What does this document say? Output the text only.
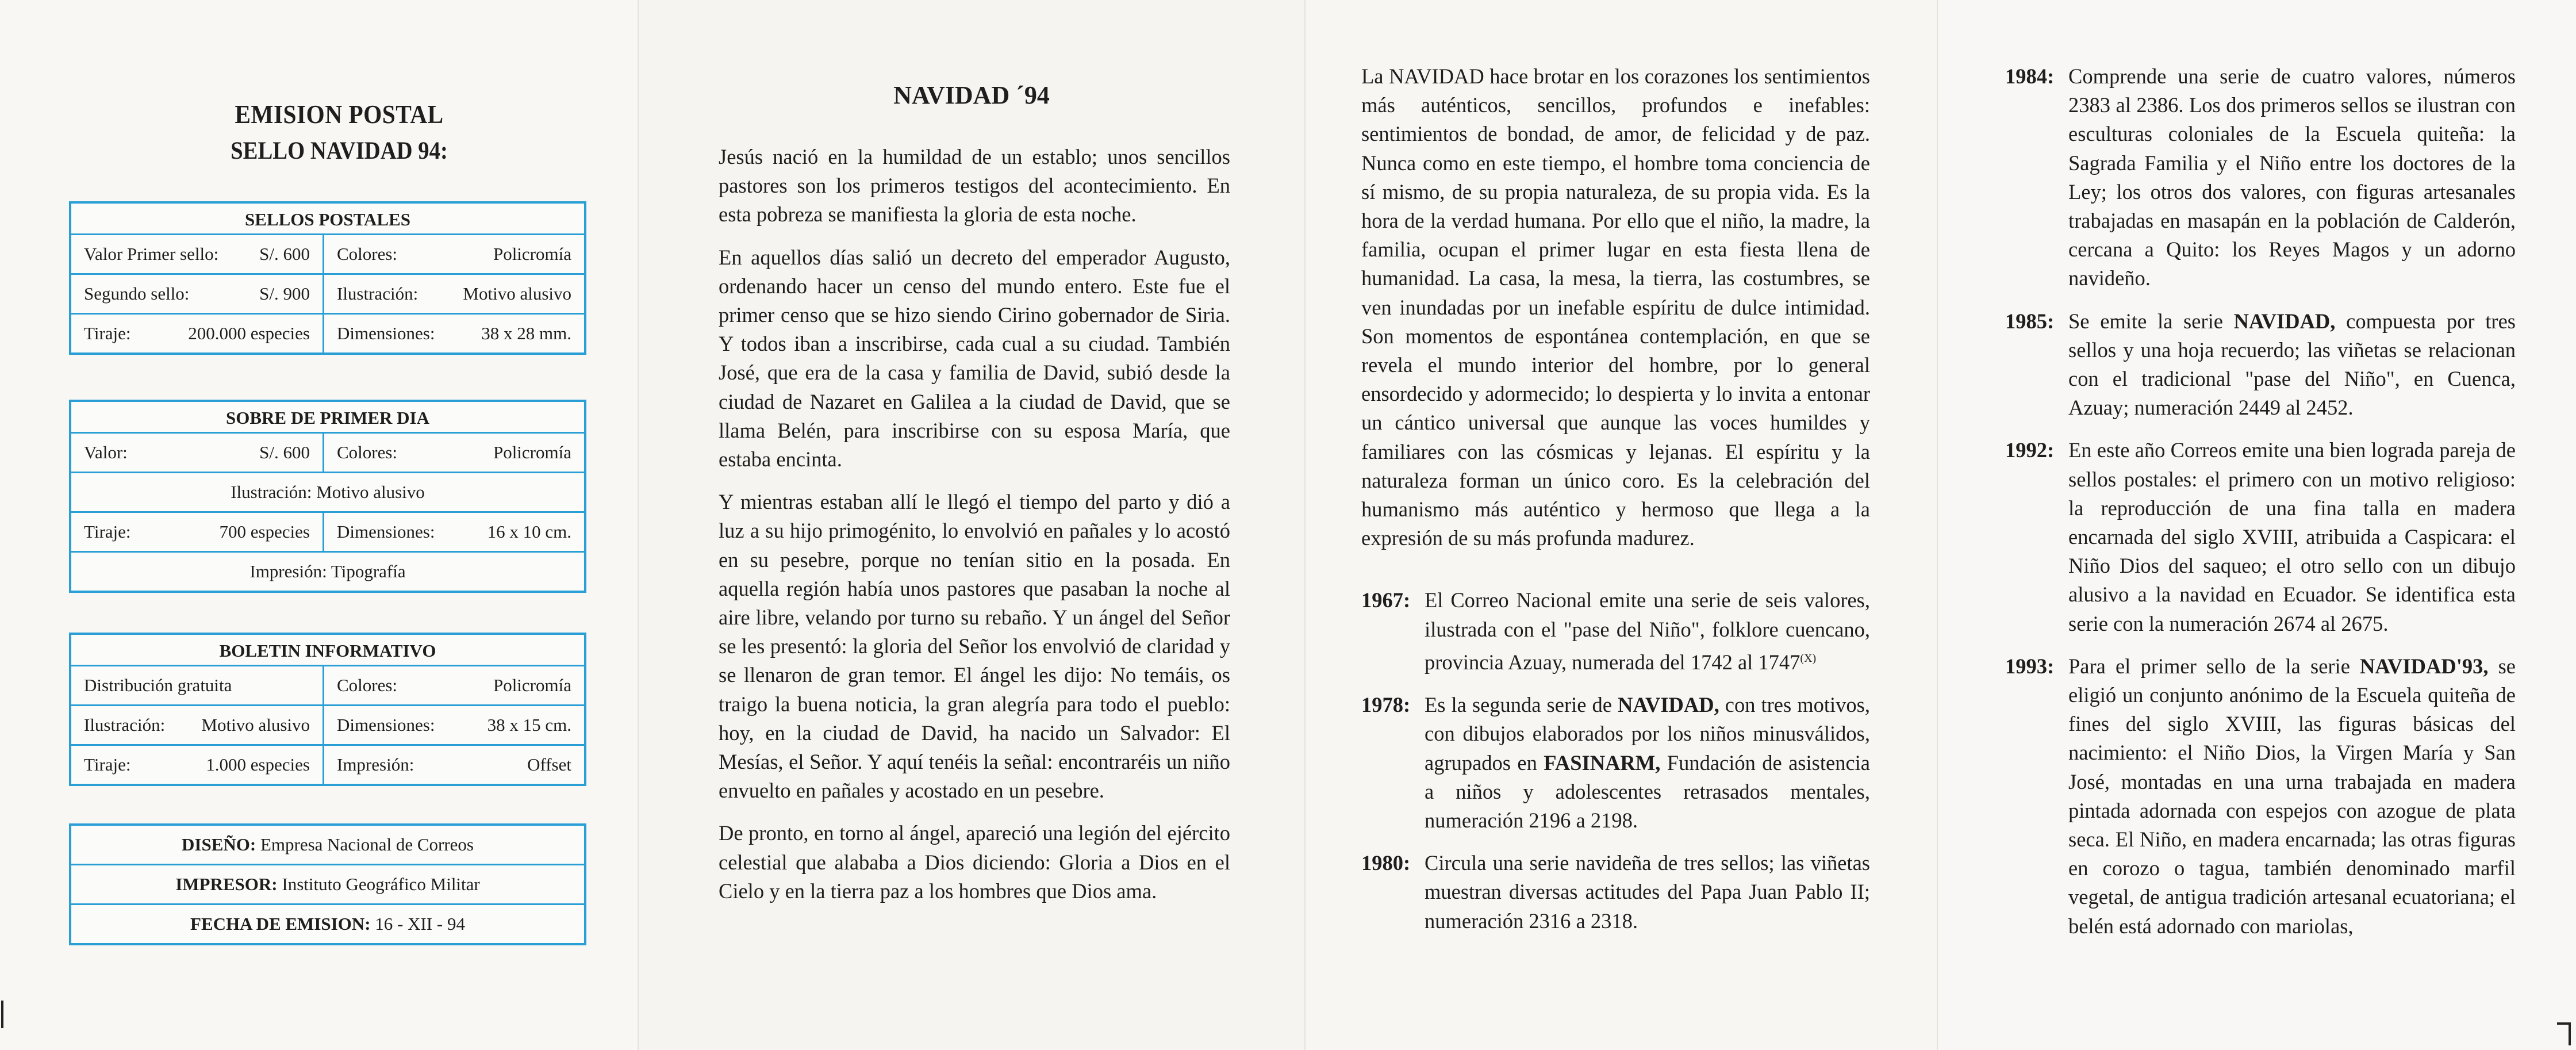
EMISION POSTAL
SELLO NAVIDAD 94:
SELLOS POSTALES
Valor Primer sello: S/. 600 Colores:	Policromía
Segundo sello:	S/. 900 Ilustración:	Motivo alusivo
Tiraje:	200.000 especies Dimensiones:	38 x 28 mm.
SOBRE DE PRIMER DIA
Valor:	S/. 600 Colores:	Policromía
Ilustración: Motivo alusivo
Tiraje:	700 especies Dimensiones:	16 x 10 cm.
Impresión: Tipografía
BOLETIN INFORMATIVO
Distribución gratuita	Colores:	Policromía
Ilustración: Motivo alusivo Dimensiones:	38 x 15 cm.
Tiraje:	1.000 especies Impresión:	Offset
DISEÑO:
Empresa Nacional de Correos
IMPRESOR:
Instituto Geográfico Militar
FECHA DE EMISION:
16 - XII - 94
NAVIDAD ´94

Jesús nació en la humildad de un establo; unos sencillos pastores son los primeros testigos del acontecimiento. En esta pobreza se manifiesta la gloria de esta noche.

En aquellos días salió un decreto del emperador Augusto, ordenando hacer un censo del mundo entero. Este fue el primer censo que se hizo siendo Cirino gobernador de Siria. Y todos iban a inscribirse, cada cual a su ciudad. También José, que era de la casa y familia de David, subió desde la ciudad de Nazaret en Galilea a la ciudad de David, que se llama Belén, para inscribirse con su esposa María, que estaba encinta.

Y mientras estaban allí le llegó el tiempo del parto y dió a luz a su hijo primogénito, lo envolvió en pañales y lo acostó en su pesebre, porque no tenían sitio en la posada. En aquella región había unos pastores que pasaban la noche al aire libre, velando por turno su rebaño. Y un ángel del Señor se les presentó: la gloria del Señor los envolvió de claridad y se llenaron de gran temor. El ángel les dijo: No temáis, os traigo la buena noticia, la gran alegría para todo el pueblo: hoy, en la ciudad de David, ha nacido un Salvador: El Mesías, el Señor. Y aquí tenéis la señal: encontraréis un niño envuelto en pañales y acostado en un pesebre.

De pronto, en torno al ángel, apareció una legión del ejército celestial que alababa a Dios diciendo: Gloria a Dios en el Cielo y en la tierra paz a los hombres que Dios ama.

La NAVIDAD hace brotar en los corazones los sentimientos más auténticos, sencillos, profundos e inefables: sentimientos de bondad, de amor, de felicidad y de paz. Nunca como en este tiempo, el hombre toma conciencia de sí mismo, de su propia naturaleza, de su propia vida. Es la hora de la verdad humana. Por ello que el niño, la madre, la familia, ocupan el primer lugar en esta fiesta llena de humanidad. La casa, la mesa, la tierra, las costumbres, se ven inundadas por un inefable espíritu de dulce intimidad. Son momentos de espontánea contemplación, en que se revela el mundo interior del hombre, por lo general ensordecido y adormecido; lo despierta y lo invita a entonar un cántico universal que aunque las voces humildes y familiares con las cósmicas y lejanas. El espíritu y la naturaleza forman un único coro. Es la celebración del humanismo más auténtico y hermoso que llega a la expresión de su más profunda madurez.

1967: El Correo Nacional emite una serie de seis valores, ilustrada con el "pase del Niño", folklore cuencano, provincia Azuay, numerada del 1742 al $1747^{(X)}$
1978: Es la segunda serie de NAVIDAD, con tres motivos, con dibujos elaborados por los niños minusválidos, agrupados en FASINARM, Fundación de asistencia a niños y adolescentes retrasados mentales, numeración 2196 a 2198.
1980: Circula una serie navideña de tres sellos; las viñetas muestran diversas actitudes del Papa Juan Pablo II; numeración 2316 a 2318.
1984: Comprende una serie de cuatro valores, números 2383 al 2386. Los dos primeros sellos se ilustran con esculturas coloniales de la Escuela quiteña: la Sagrada Familia y el Niño entre los doctores de la Ley; los otros dos valores, con figuras artesanales trabajadas en masapán en la población de Calderón, cercana a Quito: los Reyes Magos y un adorno navideño.
1985: Se emite la serie NAVIDAD, compuesta por tres sellos y una hoja recuerdo; las viñetas se relacionan con el tradicional "pase del Niño", en Cuenca, Azuay; numeración 2449 al 2452.
1992: En este año Correos emite una bien lograda pareja de sellos postales: el primero con un motivo religioso: la reproducción de una fina talla en madera encarnada del siglo XVIII, atribuida a Caspicara: el Niño Dios del saqueo; el otro sello con un dibujo alusivo a la navidad en Ecuador. Se identifica esta serie con la numeración 2674 al 2675.
1993: Para el primer sello de la serie NAVIDAD'93, se eligió un conjunto anónimo de la Escuela quiteña de fines del siglo XVIII, las figuras básicas del nacimiento: el Niño Dios, la Virgen María y San José, montadas en una urna trabajada en madera pintada adornada con espejos con azogue de plata seca. El Niño, en madera encarnada; las otras figuras en corozo o tagua, también denominado marfil vegetal, de antigua tradición artesanal ecuatoriana; el belén está adornado con mariolas,
